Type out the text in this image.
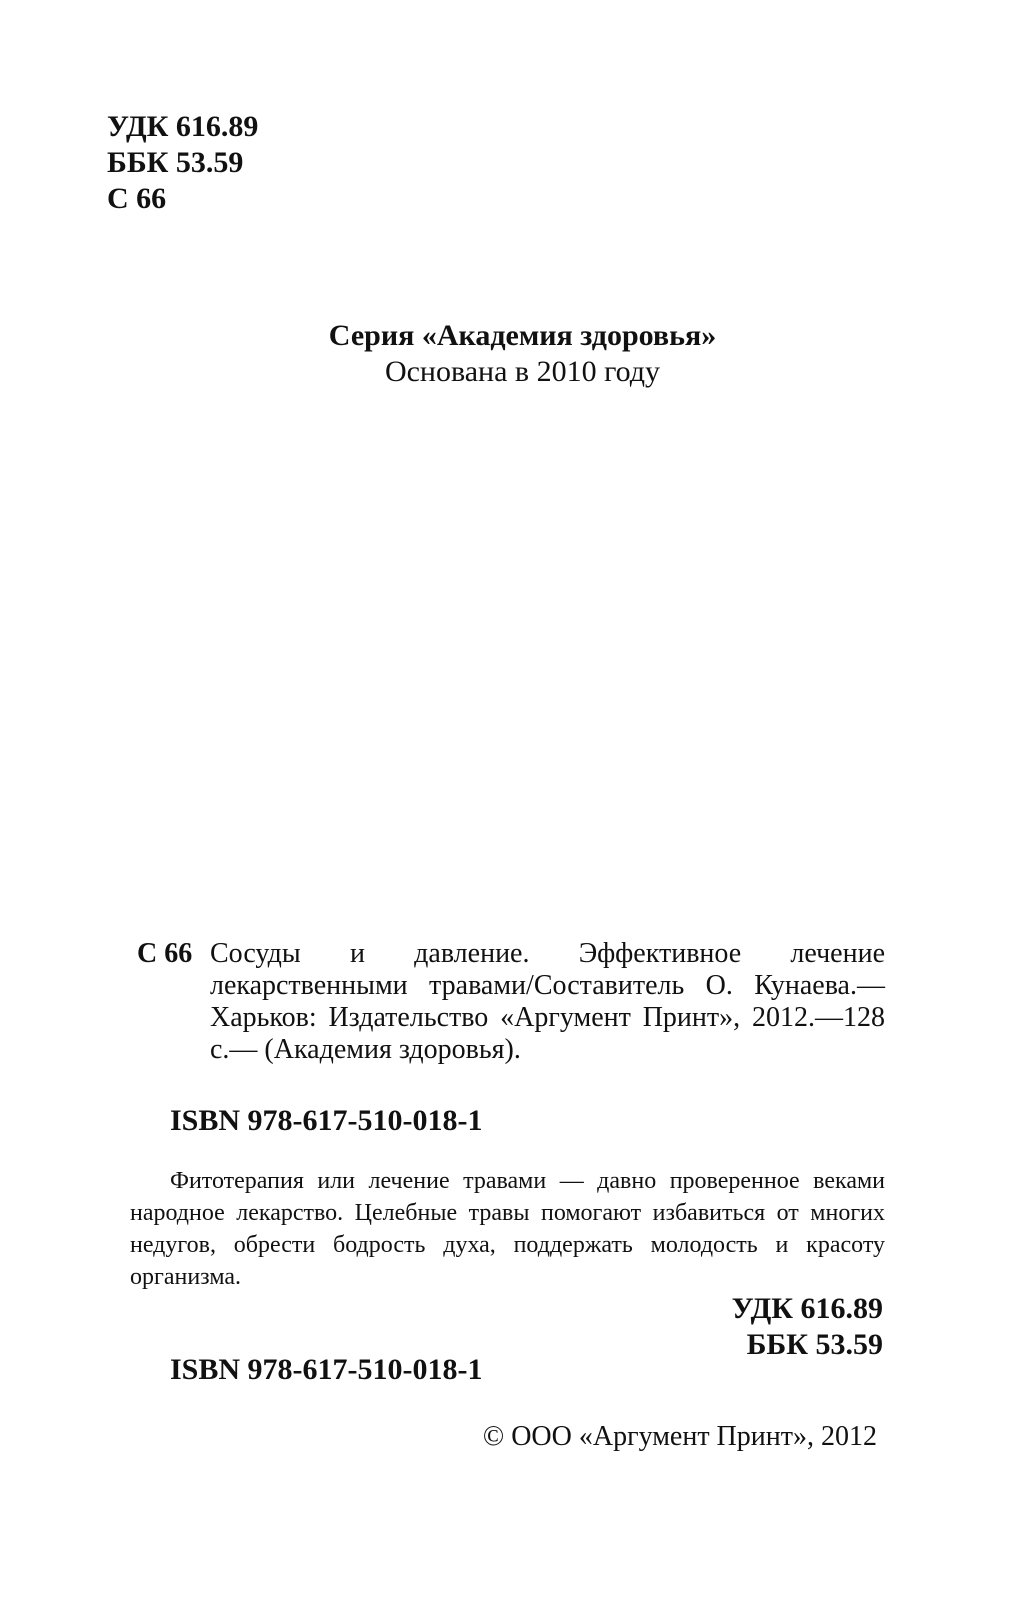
УДК 616.89
ББК 53.59
С 66
Серия «Академия здоровья»
Основана в 2010 году
С 66 Сосуды и давление. Эффективное лечение лекарственными травами/Составитель О. Кунаева.— Харьков: Издательство «Аргумент Принт», 2012.—128 с.— (Академия здоровья).
ISBN 978-617-510-018-1

Фитотерапия или лечение травами — давно проверенное веками народное лекарство. Целебные травы помогают избавиться от многих недугов, обрести бодрость духа, поддержать молодость и красоту организма.

УДК 616.89
ББК 53.59
ISBN 978-617-510-018-1
© ООО «Аргумент Принт», 2012
